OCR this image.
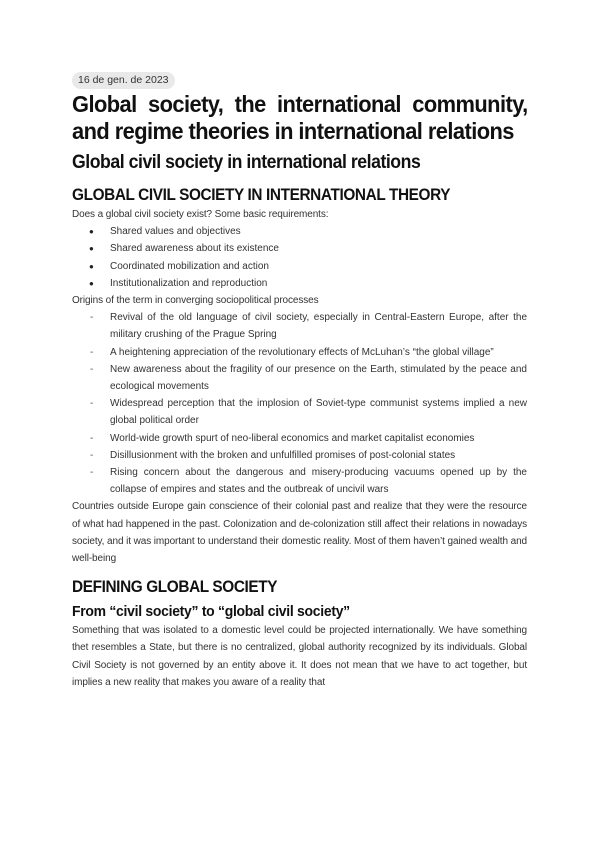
16 de gen. de 2023
Global society, the international community, and regime theories in international relations
Global civil society in international relations
GLOBAL CIVIL SOCIETY IN INTERNATIONAL THEORY

Does a global civil society exist? Some basic requirements:

● Shared values and objectives
● Shared awareness about its existence
● Coordinated mobilization and action
● Institutionalization and reproduction

Origins of the term in converging sociopolitical processes

- Revival of the old language of civil society, especially in Central-Eastern Europe, after the military crushing of the Prague Spring
- A heightening appreciation of the revolutionary effects of McLuhan’s “the global village”
- New awareness about the fragility of our presence on the Earth, stimulated by the peace and ecological movements
- Widespread perception that the implosion of Soviet-type communist systems implied a new global political order
- World-wide growth spurt of neo-liberal economics and market capitalist economies
- Disillusionment with the broken and unfulfilled promises of post-colonial states
- Rising concern about the dangerous and misery-producing vacuums opened up by the collapse of empires and states and the outbreak of uncivil wars

Countries outside Europe gain conscience of their colonial past and realize that they were the resource of what had happened in the past. Colonization and de-colonization still affect their relations in nowadays society, and it was important to understand their domestic reality. Most of them haven’t gained wealth and well-being

DEFINING GLOBAL SOCIETY
From “civil society” to “global civil society”

Something that was isolated to a domestic level could be projected internationally. We have something thet resembles a State, but there is no centralized, global authority recognized by its individuals. Global Civil Society is not governed by an entity above it. It does not mean that we have to act together, but implies a new reality that makes you aware of a reality that
